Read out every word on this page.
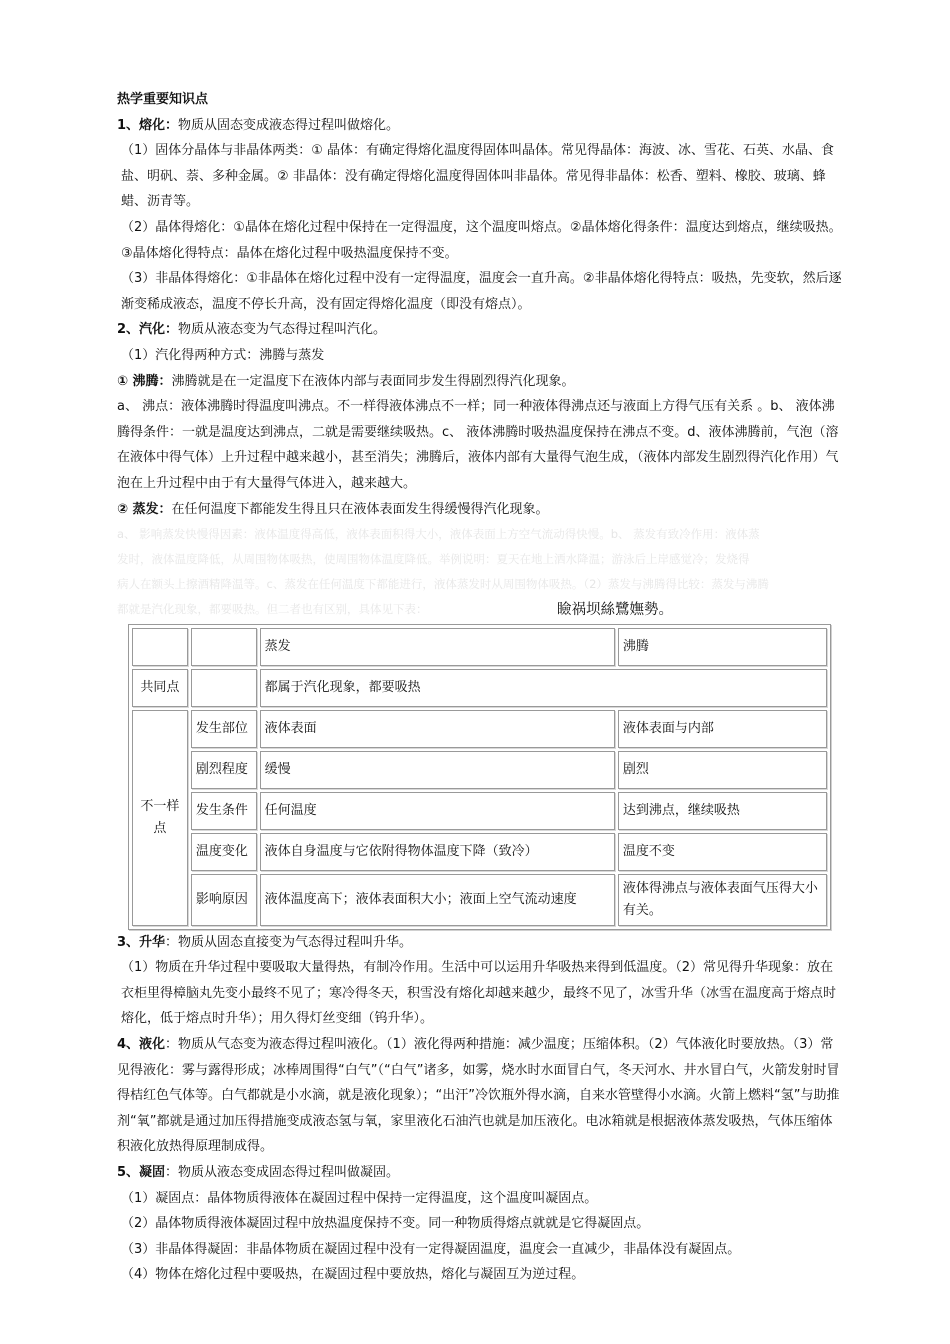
热学重要知识点

1、熔化：物质从固态变成液态得过程叫做熔化。

（1）固体分晶体与非晶体两类：① 晶体：有确定得熔化温度得固体叫晶体。常见得晶体：海波、冰、雪花、石英、水晶、食盐、明矾、萘、多种金属。② 非晶体：没有确定得熔化温度得固体叫非晶体。常见得非晶体：松香、塑料、橡胶、玻璃、蜂蜡、沥青等。

（2）晶体得熔化：①晶体在熔化过程中保持在一定得温度，这个温度叫熔点。②晶体熔化得条件：温度达到熔点，继续吸热。③晶体熔化得特点：晶体在熔化过程中吸热温度保持不变。

（3）非晶体得熔化：①非晶体在熔化过程中没有一定得温度，温度会一直升高。②非晶体熔化得特点：吸热，先变软，然后逐渐变稀成液态，温度不停长升高，没有固定得熔化温度（即没有熔点）。

2、汽化：物质从液态变为气态得过程叫汽化。

（1）汽化得两种方式：沸腾与蒸发

① 沸腾：沸腾就是在一定温度下在液体内部与表面同步发生得剧烈得汽化现象。

a、 沸点：液体沸腾时得温度叫沸点。不一样得液体沸点不一样；同一种液体得沸点还与液面上方得气压有关系 。b、 液体沸腾得条件：一就是温度达到沸点，二就是需要继续吸热。c、 液体沸腾时吸热温度保持在沸点不变。d、液体沸腾前，气泡（溶在液体中得气体）上升过程中越来越小，甚至消失；沸腾后，液体内部有大量得气泡生成，（液体内部发生剧烈得汽化作用）气泡在上升过程中由于有大量得气体进入，越来越大。

② 蒸发：在任何温度下都能发生得且只在液体表面发生得缓慢得汽化现象。

a、 影响蒸发快慢得因素：液体温度得高低，液体表面积得大小，液体表面上方空气流动得快慢。b、 蒸发有致冷作用：液体蒸

发时，液体温度降低，从周围物体吸热，使周围物体温度降低。举例说明：夏天在地上洒水降温；游泳后上岸感觉冷；发烧得

病人在额头上擦酒精降温等。c、蒸发在任何温度下都能进行，液体蒸发时从周围物体吸热。（2）蒸发与沸腾得比较：蒸发与沸腾

都就是汽化现象，都要吸热。但二者也有区别，具体见下表：	瞼祸坝絲鷺嫵勢。
		蒸发	沸腾
共同点		都属于汽化现象，都要吸热	
不一样点	发生部位	液体表面	液体表面与内部
	剧烈程度	缓慢	剧烈
	发生条件	任何温度	达到沸点，继续吸热
	温度变化	液体自身温度与它依附得物体温度下降（致冷）	温度不变
	影响原因	液体温度高下；液体表面积大小；液面上空气流动速度	液体得沸点与液体表面气压得大小有关。

3、升华：物质从固态直接变为气态得过程叫升华。

（1）物质在升华过程中要吸取大量得热，有制冷作用。生活中可以运用升华吸热来得到低温度。（2）常见得升华现象：放在衣柜里得樟脑丸先变小最终不见了；寒冷得冬天，积雪没有熔化却越来越少，最终不见了，冰雪升华（冰雪在温度高于熔点时熔化，低于熔点时升华）；用久得灯丝变细（钨升华）。

4、液化：物质从气态变为液态得过程叫液化。（1）液化得两种措施：减少温度；压缩体积。（2）气体液化时要放热。（3）常见得液化：雾与露得形成；冰棒周围得“白气”（“白气”诸多，如雾，烧水时水面冒白气，冬天河水、井水冒白气，火箭发射时冒得桔红色气体等。白气都就是小水滴，就是液化现象）；“出汗”冷饮瓶外得水滴，自来水管壁得小水滴。火箭上燃料“氢”与助推剂“氧”都就是通过加压得措施变成液态氢与氧，家里液化石油汽也就是加压液化。电冰箱就是根据液体蒸发吸热，气体压缩体积液化放热得原理制成得。

5、凝固：物质从液态变成固态得过程叫做凝固。

（1）凝固点：晶体物质得液体在凝固过程中保持一定得温度，这个温度叫凝固点。

（2）晶体物质得液体凝固过程中放热温度保持不变。同一种物质得熔点就就是它得凝固点。

（3）非晶体得凝固：非晶体物质在凝固过程中没有一定得凝固温度，温度会一直减少，非晶体没有凝固点。

（4）物体在熔化过程中要吸热，在凝固过程中要放热，熔化与凝固互为逆过程。
